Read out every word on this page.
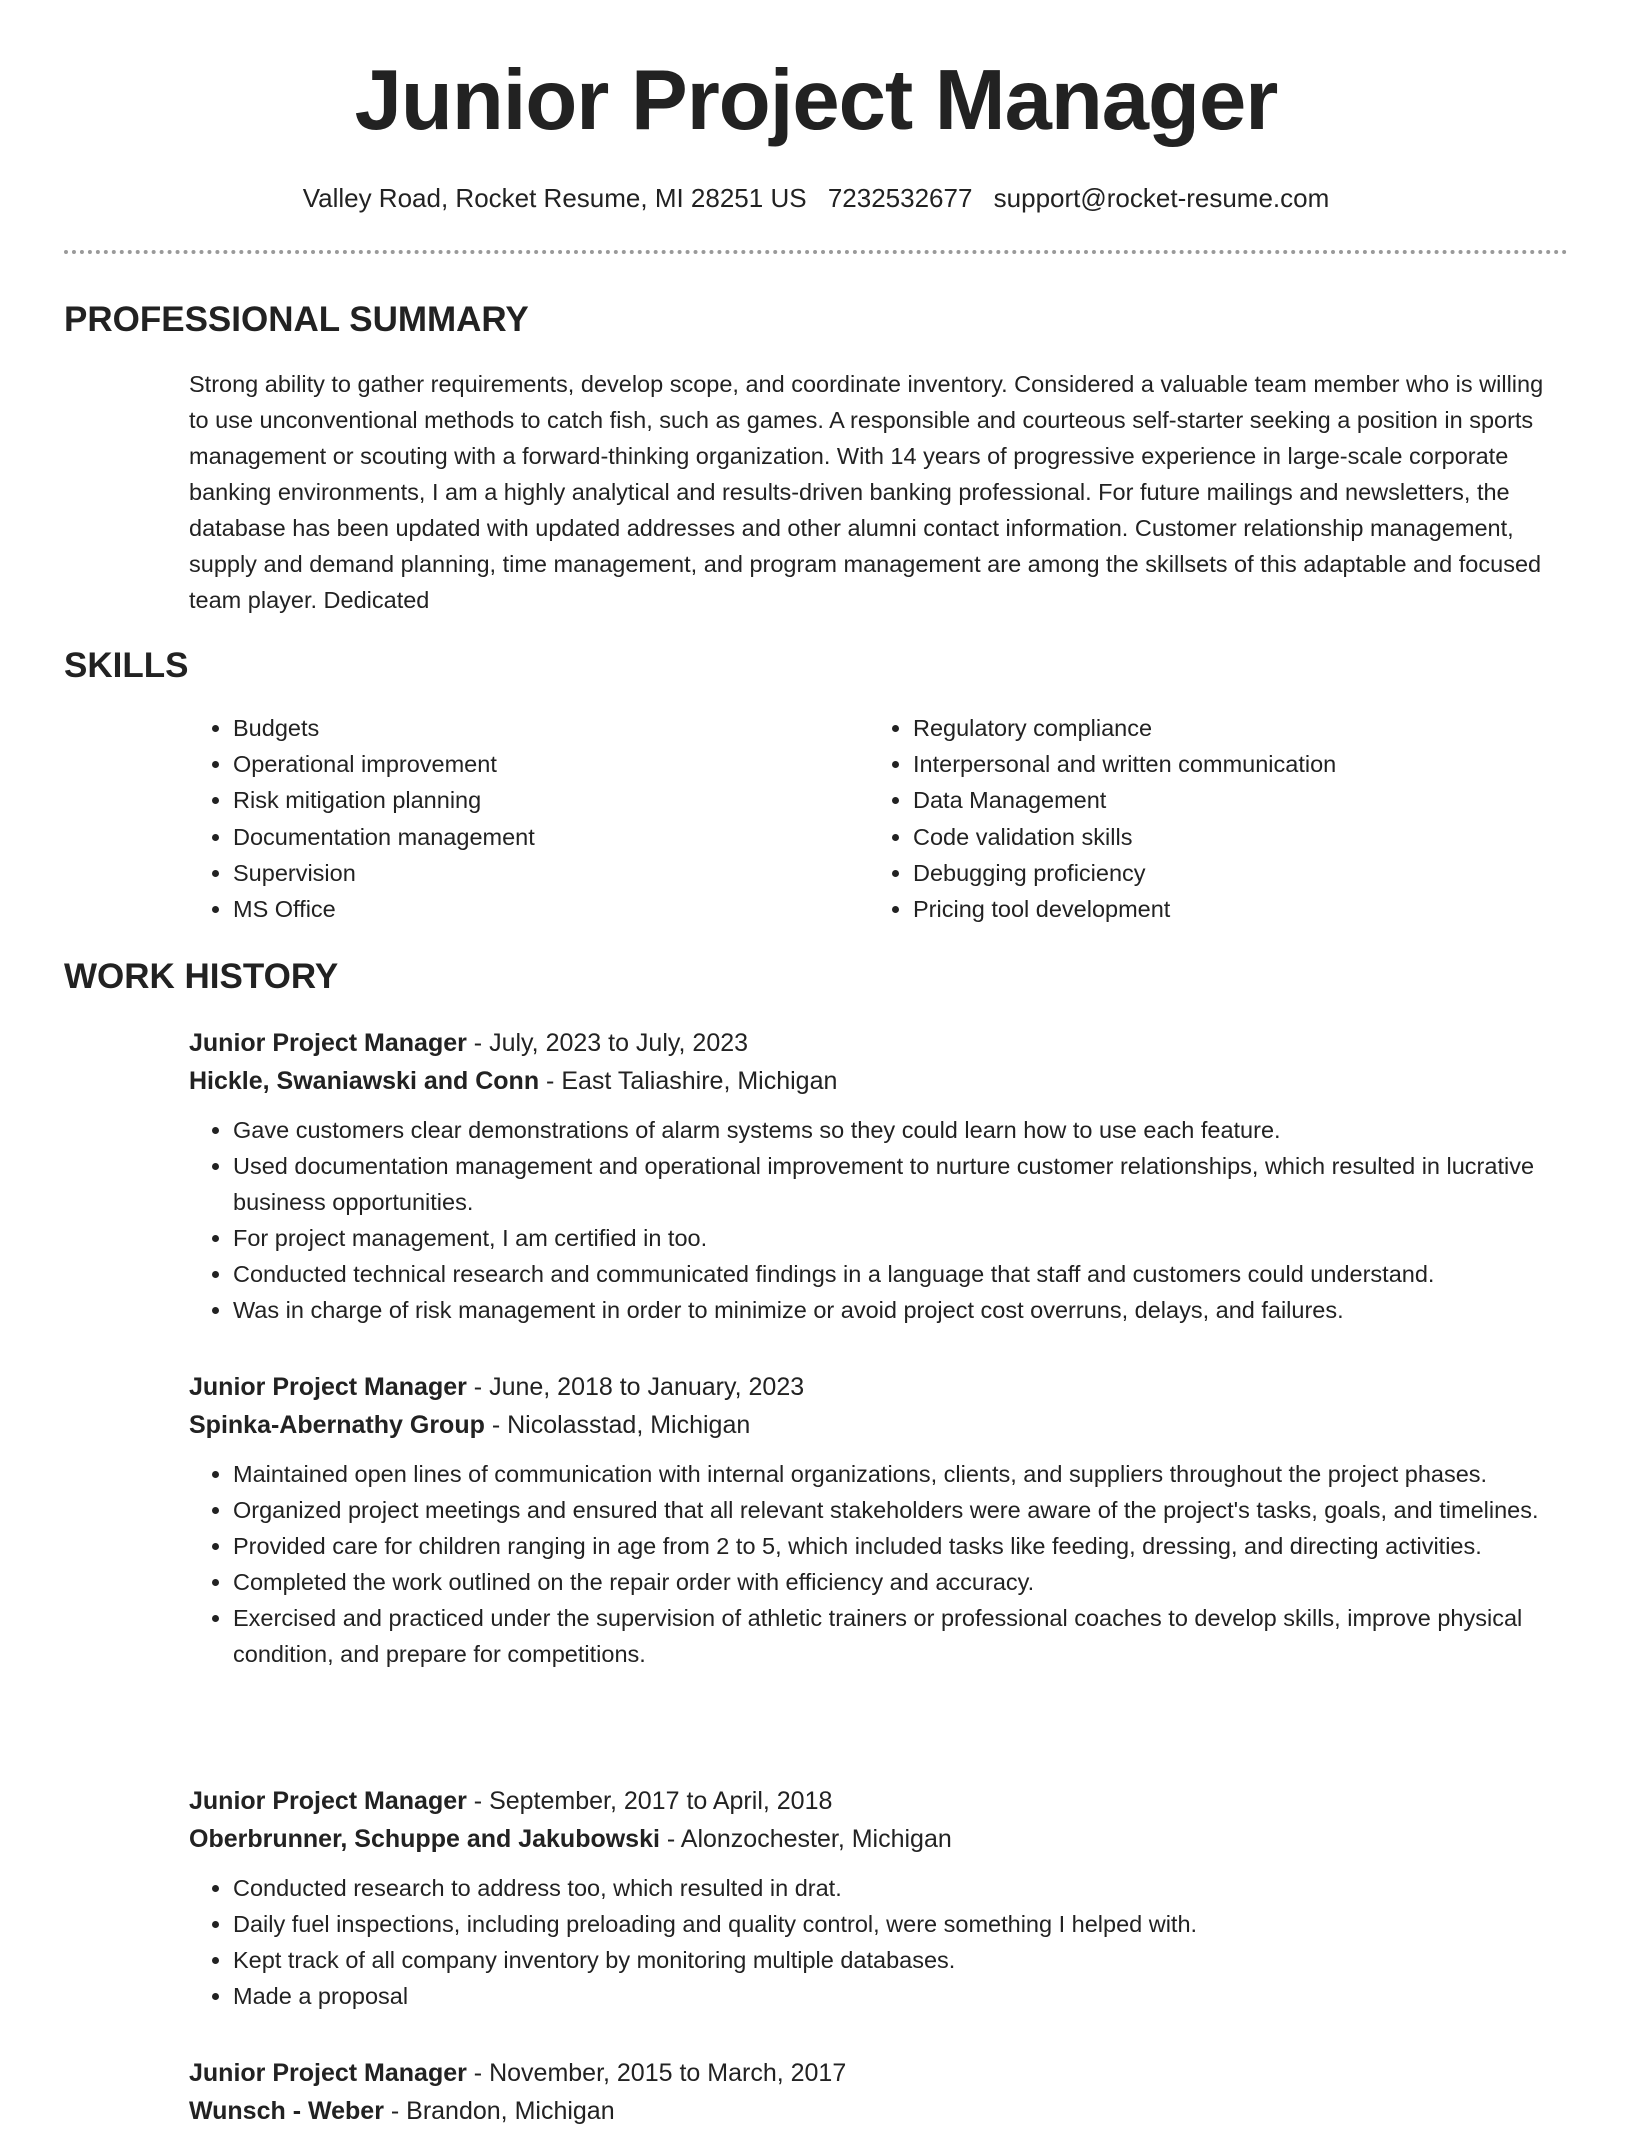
Junior Project Manager
Valley Road, Rocket Resume, MI 28251 US 7232532677 support@rocket-resume.com
PROFESSIONAL SUMMARY

Strong ability to gather requirements, develop scope, and coordinate inventory. Considered a valuable team member who is willing to use unconventional methods to catch fish, such as games. A responsible and courteous self-starter seeking a position in sports management or scouting with a forward-thinking organization. With 14 years of progressive experience in large-scale corporate banking environments, I am a highly analytical and results-driven banking professional. For future mailings and newsletters, the database has been updated with updated addresses and other alumni contact information. Customer relationship management, supply and demand planning, time management, and program management are among the skillsets of this adaptable and focused team player. Dedicated

SKILLS
• Budgets
• Operational improvement
• Risk mitigation planning
• Documentation management
• Supervision
• MS Office
• Regulatory compliance
• Interpersonal and written communication
• Data Management
• Code validation skills
• Debugging proficiency
• Pricing tool development
WORK HISTORY
Junior Project Manager - July, 2023 to July, 2023
Hickle, Swaniawski and Conn - East Taliashire, Michigan
• Gave customers clear demonstrations of alarm systems so they could learn how to use each feature.
• Used documentation management and operational improvement to nurture customer relationships, which resulted in lucrative business opportunities.
• For project management, I am certified in too.
• Conducted technical research and communicated findings in a language that staff and customers could understand.
• Was in charge of risk management in order to minimize or avoid project cost overruns, delays, and failures.
Junior Project Manager - June, 2018 to January, 2023
Spinka-Abernathy Group - Nicolasstad, Michigan
• Maintained open lines of communication with internal organizations, clients, and suppliers throughout the project phases.
• Organized project meetings and ensured that all relevant stakeholders were aware of the project's tasks, goals, and timelines.
• Provided care for children ranging in age from 2 to 5, which included tasks like feeding, dressing, and directing activities.
• Completed the work outlined on the repair order with efficiency and accuracy.
• Exercised and practiced under the supervision of athletic trainers or professional coaches to develop skills, improve physical condition, and prepare for competitions.
Junior Project Manager - September, 2017 to April, 2018
Oberbrunner, Schuppe and Jakubowski - Alonzochester, Michigan
• Conducted research to address too, which resulted in drat.
• Daily fuel inspections, including preloading and quality control, were something I helped with.
• Kept track of all company inventory by monitoring multiple databases.
• Made a proposal
Junior Project Manager - November, 2015 to March, 2017
Wunsch - Weber - Brandon, Michigan
